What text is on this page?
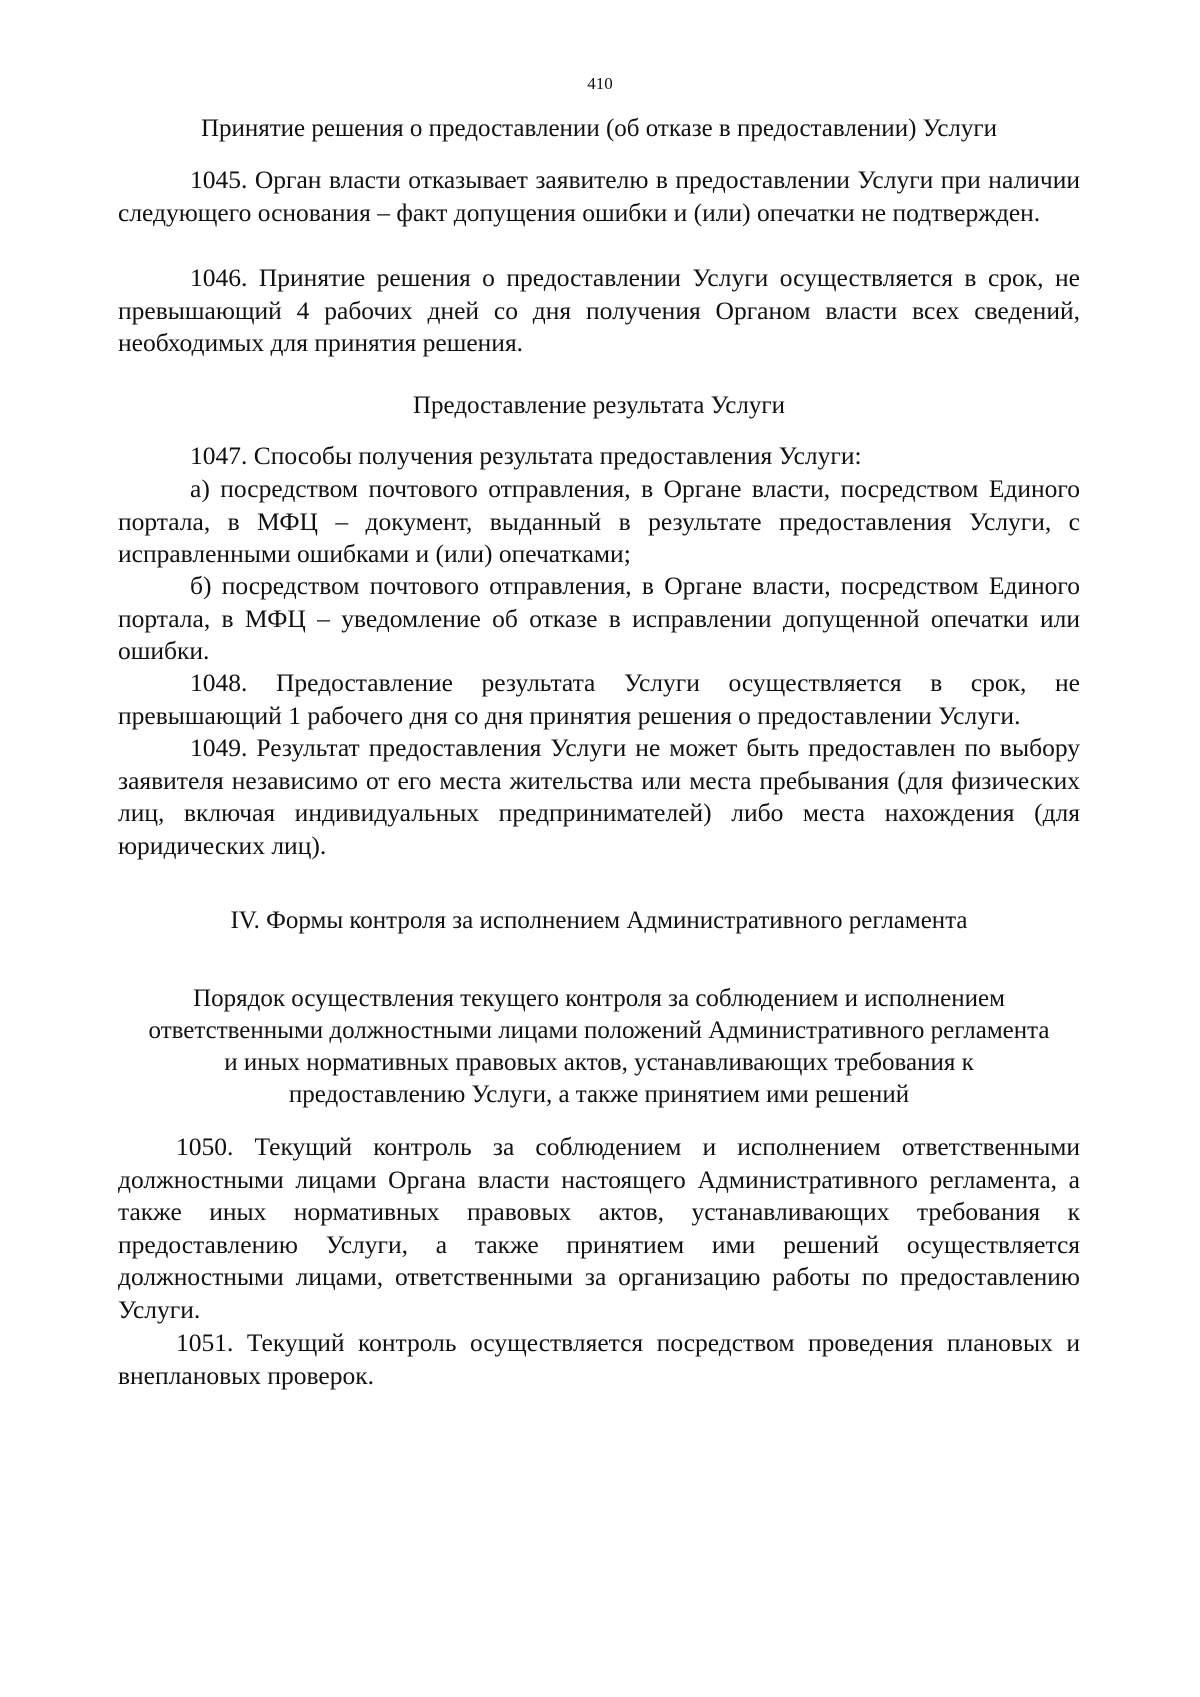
410
Принятие решения о предоставлении (об отказе в предоставлении) Услуги

1045. Орган власти отказывает заявителю в предоставлении Услуги при наличии следующего основания – факт допущения ошибки и (или) опечатки не подтвержден.

1046. Принятие решения о предоставлении Услуги осуществляется в срок, не превышающий 4 рабочих дней со дня получения Органом власти всех сведений, необходимых для принятия решения.

Предоставление результата Услуги

1047. Способы получения результата предоставления Услуги:

а) посредством почтового отправления, в Органе власти, посредством Единого портала, в МФЦ – документ, выданный в результате предоставления Услуги, с исправленными ошибками и (или) опечатками;

б) посредством почтового отправления, в Органе власти, посредством Единого портала, в МФЦ – уведомление об отказе в исправлении допущенной опечатки или ошибки.

1048. Предоставление результата Услуги осуществляется в срок, не превышающий 1 рабочего дня со дня принятия решения о предоставлении Услуги.

1049. Результат предоставления Услуги не может быть предоставлен по выбору заявителя независимо от его места жительства или места пребывания (для физических лиц, включая индивидуальных предпринимателей) либо места нахождения (для юридических лиц).

IV. Формы контроля за исполнением Административного регламента
Порядок осуществления текущего контроля за соблюдением и исполнением
ответственными должностными лицами положений Административного регламента
и иных нормативных правовых актов, устанавливающих требования к
предоставлению Услуги, а также принятием ими решений

1050. Текущий контроль за соблюдением и исполнением ответственными должностными лицами Органа власти настоящего Административного регламента, а также иных нормативных правовых актов, устанавливающих требования к предоставлению Услуги, а также принятием ими решений осуществляется должностными лицами, ответственными за организацию работы по предоставлению Услуги.

1051. Текущий контроль осуществляется посредством проведения плановых и внеплановых проверок.
